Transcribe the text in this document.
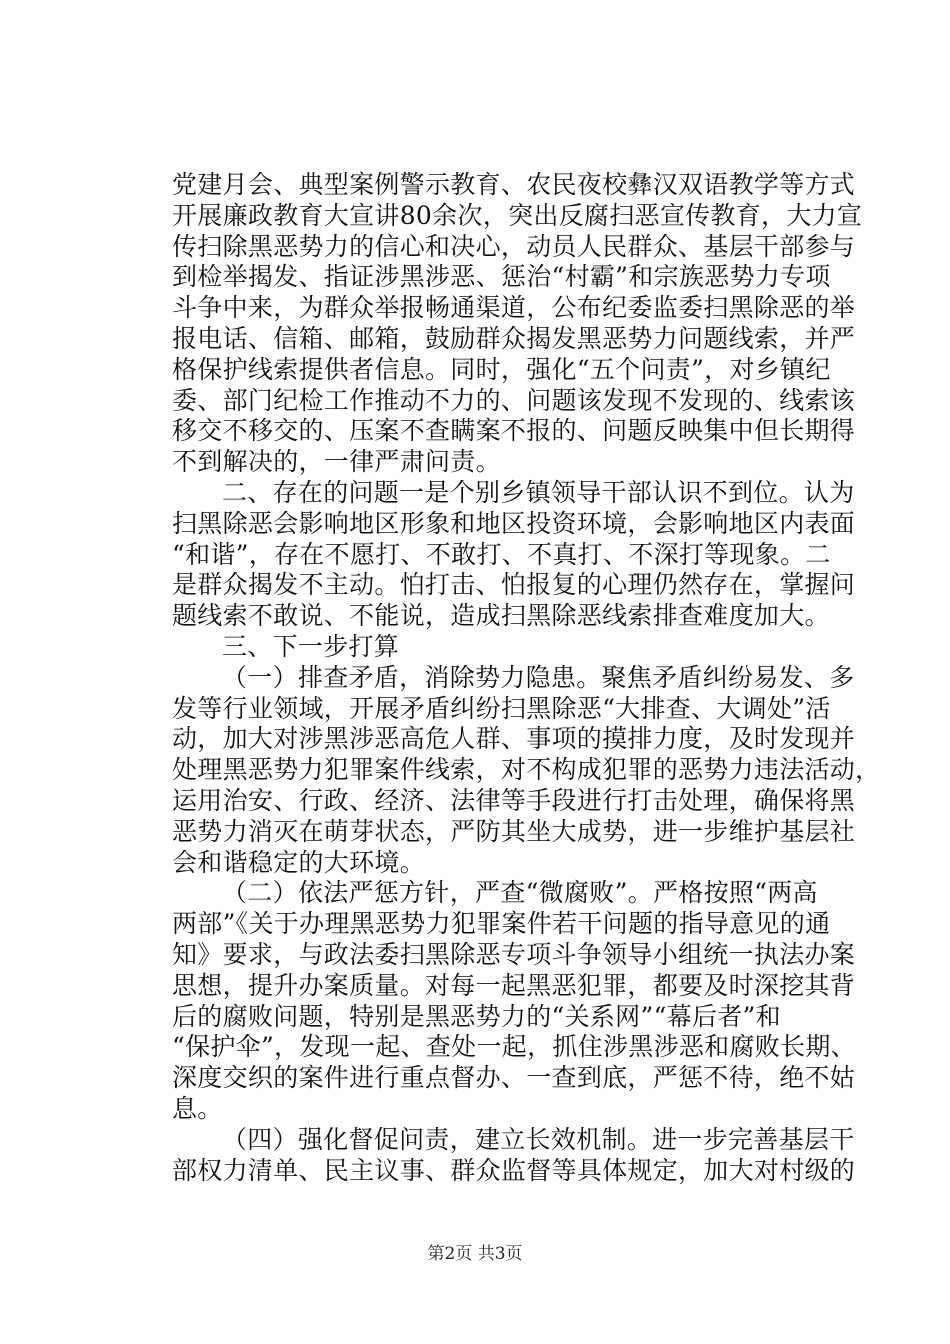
党建月会、典型案例警示教育、农民夜校彝汉双语教学等方式
开展廉政教育大宣讲80余次，突出反腐扫恶宣传教育，大力宣
传扫除黑恶势力的信心和决心，动员人民群众、基层干部参与
到检举揭发、指证涉黑涉恶、惩治“村霸”和宗族恶势力专项
斗争中来，为群众举报畅通渠道，公布纪委监委扫黑除恶的举
报电话、信箱、邮箱，鼓励群众揭发黑恶势力问题线索，并严
格保护线索提供者信息。同时，强化“五个问责”，对乡镇纪
委、部门纪检工作推动不力的、问题该发现不发现的、线索该
移交不移交的、压案不查瞒案不报的、问题反映集中但长期得
不到解决的，一律严肃问责。
二、存在的问题一是个别乡镇领导干部认识不到位。认为
扫黑除恶会影响地区形象和地区投资环境，会影响地区内表面
“和谐”，存在不愿打、不敢打、不真打、不深打等现象。二
是群众揭发不主动。怕打击、怕报复的心理仍然存在，掌握问
题线索不敢说、不能说，造成扫黑除恶线索排查难度加大。
三、下一步打算
（一）排查矛盾，消除势力隐患。聚焦矛盾纠纷易发、多
发等行业领域，开展矛盾纠纷扫黑除恶“大排查、大调处”活
动，加大对涉黑涉恶高危人群、事项的摸排力度，及时发现并
处理黑恶势力犯罪案件线索，对不构成犯罪的恶势力违法活动，
运用治安、行政、经济、法律等手段进行打击处理，确保将黑
恶势力消灭在萌芽状态，严防其坐大成势，进一步维护基层社
会和谐稳定的大环境。
（二）依法严惩方针，严查“微腐败”。严格按照“两高
两部”《关于办理黑恶势力犯罪案件若干问题的指导意见的通
知》要求，与政法委扫黑除恶专项斗争领导小组统一执法办案
思想，提升办案质量。对每一起黑恶犯罪，都要及时深挖其背
后的腐败问题，特别是黑恶势力的“关系网”“幕后者”和
“保护伞”，发现一起、查处一起，抓住涉黑涉恶和腐败长期、
深度交织的案件进行重点督办、一查到底，严惩不待，绝不姑
息。
（四）强化督促问责，建立长效机制。进一步完善基层干
部权力清单、民主议事、群众监督等具体规定，加大对村级的
第2页 共3页
